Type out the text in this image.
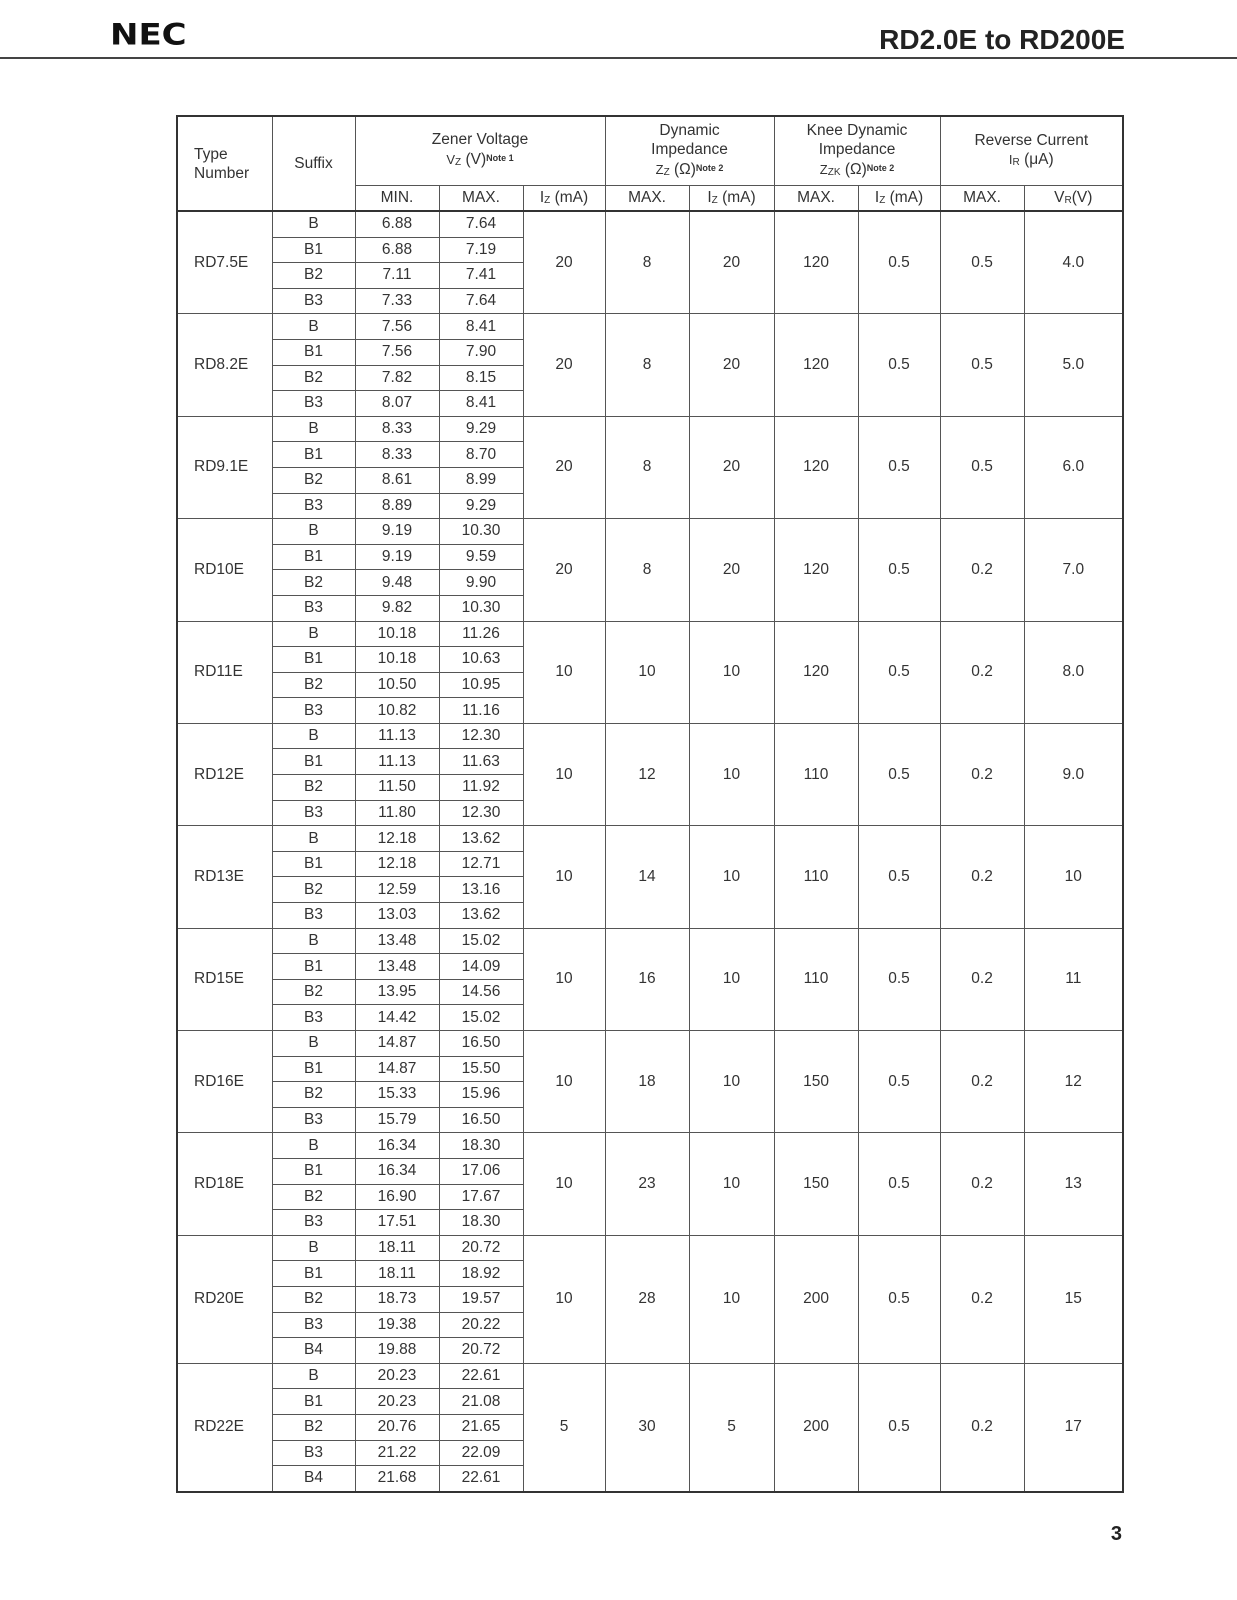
NEC	RD2.0E to RD200E
Type
Number	Suffix	Zener Voltage
$V_Z$ $(V)^{Note 1}$			Dynamic
Impedance
$Z_Z$ $(\Omega)^{Note 2}$		Knee Dynamic
Impedance
$Z_{ZK}$ $(\Omega)^{Note 2}$		Reverse Current
$I_R$ (μA)	
		MIN.	MAX.	$I_Z$ (mA)	MAX.	$I_Z$ (mA)	MAX.	$I_Z$ (mA)	MAX.	$V_R(V)$
RD7.5E	B	6.88	7.64	20	8	20	120	0.5	0.5	4.0
	B1	6.88	7.19							
	B2	7.11	7.41							
	B3	7.33	7.64							
RD8.2E	B	7.56	8.41	20	8	20	120	0.5	0.5	5.0
	B1	7.56	7.90							
	B2	7.82	8.15							
	B3	8.07	8.41							
RD9.1E	B	8.33	9.29	20	8	20	120	0.5	0.5	6.0
	B1	8.33	8.70							
	B2	8.61	8.99							
	B3	8.89	9.29							
RD10E	B	9.19	10.30	20	8	20	120	0.5	0.2	7.0
	B1	9.19	9.59							
	B2	9.48	9.90							
	B3	9.82	10.30							
RD11E	B	10.18	11.26	10	10	10	120	0.5	0.2	8.0
	B1	10.18	10.63							
	B2	10.50	10.95							
	B3	10.82	11.16							
RD12E	B	11.13	12.30	10	12	10	110	0.5	0.2	9.0
	B1	11.13	11.63							
	B2	11.50	11.92							
	B3	11.80	12.30							
RD13E	B	12.18	13.62	10	14	10	110	0.5	0.2	10
	B1	12.18	12.71							
	B2	12.59	13.16							
	B3	13.03	13.62							
RD15E	B	13.48	15.02	10	16	10	110	0.5	0.2	11
	B1	13.48	14.09							
	B2	13.95	14.56							
	B3	14.42	15.02							
RD16E	B	14.87	16.50	10	18	10	150	0.5	0.2	12
	B1	14.87	15.50							
	B2	15.33	15.96							
	B3	15.79	16.50							
RD18E	B	16.34	18.30	10	23	10	150	0.5	0.2	13
	B1	16.34	17.06							
	B2	16.90	17.67							
	B3	17.51	18.30							
RD20E	B	18.11	20.72	10	28	10	200	0.5	0.2	15
	B1	18.11	18.92							
	B2	18.73	19.57							
	B3	19.38	20.22							
	B4	19.88	20.72							
RD22E	B	20.23	22.61	5	30	5	200	0.5	0.2	17
	B1	20.23	21.08							
	B2	20.76	21.65							
	B3	21.22	22.09							
	B4	21.68	22.61							
3
